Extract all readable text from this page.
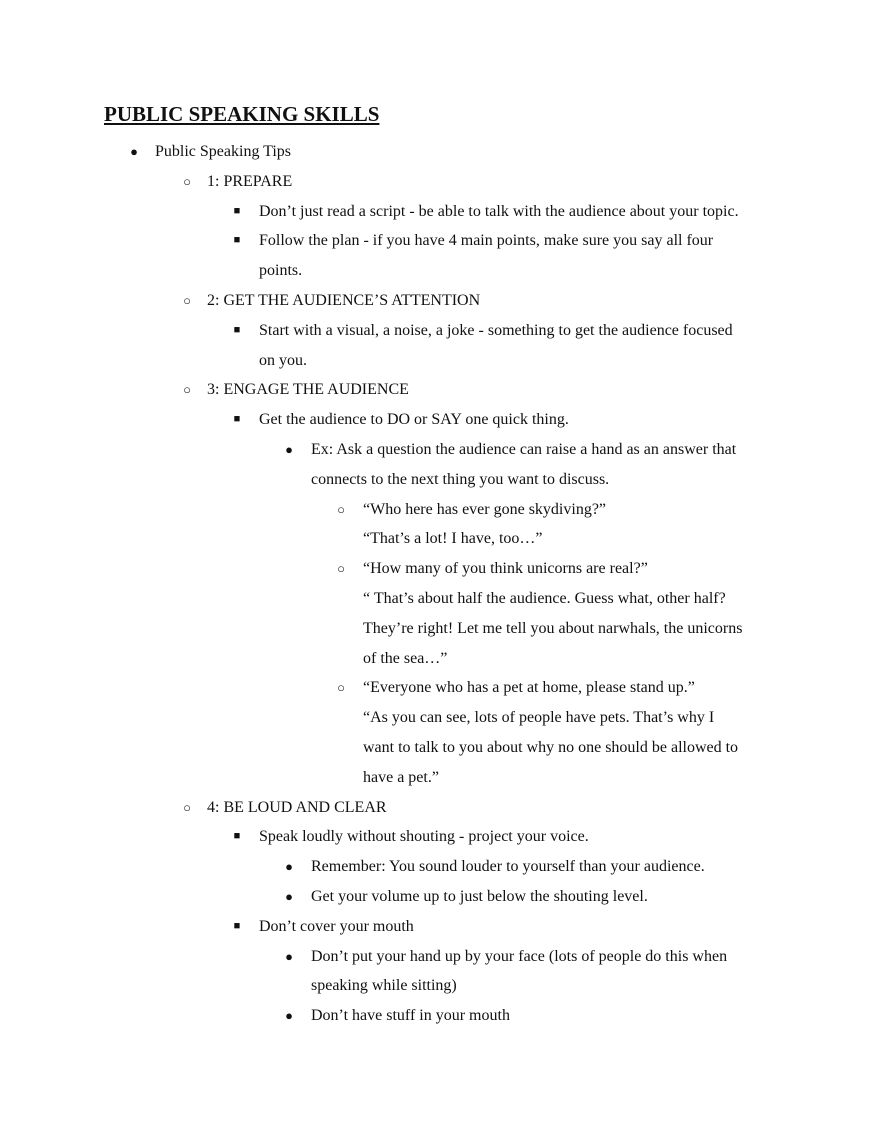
PUBLIC SPEAKING SKILLS
● Public Speaking Tips
○ 1: PREPARE
■ Don’t just read a script - be able to talk with the audience about your topic.
■ Follow the plan - if you have 4 main points, make sure you say all four
points.
○ 2: GET THE AUDIENCE’S ATTENTION
■ Start with a visual, a noise, a joke - something to get the audience focused
on you.
○ 3: ENGAGE THE AUDIENCE
■ Get the audience to DO or SAY one quick thing.
● Ex: Ask a question the audience can raise a hand as an answer that
connects to the next thing you want to discuss.
○ “Who here has ever gone skydiving?”
“That’s a lot! I have, too…”
○ “How many of you think unicorns are real?”
“ That’s about half the audience. Guess what, other half?
They’re right! Let me tell you about narwhals, the unicorns
of the sea…”
○ “Everyone who has a pet at home, please stand up.”
“As you can see, lots of people have pets. That’s why I
want to talk to you about why no one should be allowed to
have a pet.”
○ 4: BE LOUD AND CLEAR
■ Speak loudly without shouting - project your voice.
● Remember: You sound louder to yourself than your audience.
● Get your volume up to just below the shouting level.
■ Don’t cover your mouth
● Don’t put your hand up by your face (lots of people do this when
speaking while sitting)
● Don’t have stuff in your mouth
